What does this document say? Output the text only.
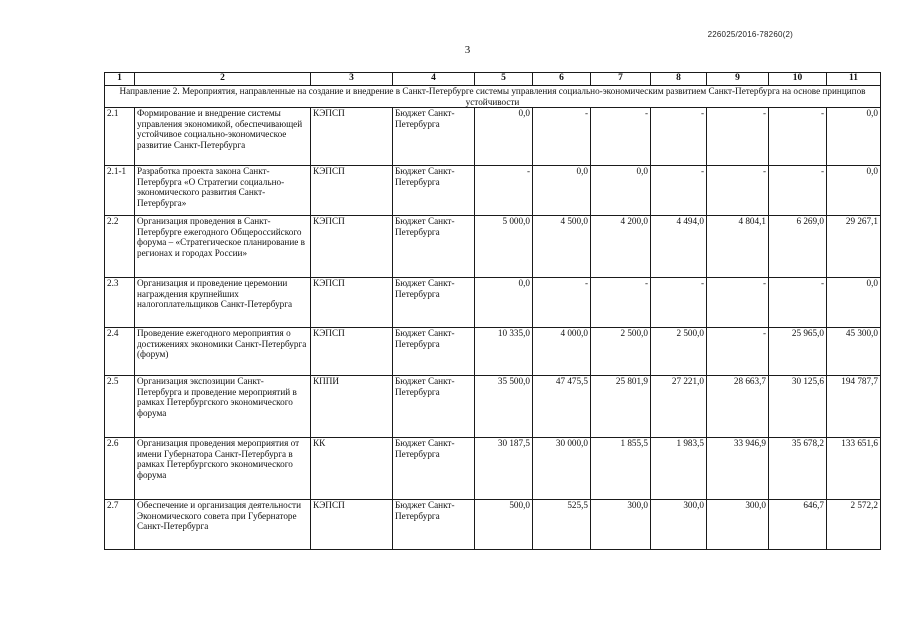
226025/2016-78260(2)
3
1	2	3	4	5	6	7	8	9	10	11
Направление 2. Мероприятия, направленные на создание и внедрение в Санкт-Петербурге системы управления социально-экономическим развитием Санкт-Петербурга на основе принципов устойчивости										
2.1	Формирование и внедрение системы управления экономикой, обеспечивающей устойчивое социально-экономическое развитие Санкт-Петербурга	КЭПСП	Бюджет Санкт-Петербурга	0,0	-	-	-	-	-	0,0
2.1-1	Разработка проекта закона Санкт-Петербурга «О Стратегии социально-экономического развития Санкт-Петербурга»	КЭПСП	Бюджет Санкт-Петербурга	-	0,0	0,0	-	-	-	0,0
2.2	Организация проведения в Санкт-Петербурге ежегодного Общероссийского форума – «Стратегическое планирование в регионах и городах России»	КЭПСП	Бюджет Санкт-Петербурга	5 000,0	4 500,0	4 200,0	4 494,0	4 804,1	6 269,0	29 267,1
2.3	Организация и проведение церемонии награждения крупнейших налогоплательщиков Санкт-Петербурга	КЭПСП	Бюджет Санкт-Петербурга	0,0	-	-	-	-	-	0,0
2.4	Проведение ежегодного мероприятия о достижениях экономики Санкт-Петербурга (форум)	КЭПСП	Бюджет Санкт-Петербурга	10 335,0	4 000,0	2 500,0	2 500,0	-	25 965,0	45 300,0
2.5	Организация экспозиции Санкт-Петербурга и проведение мероприятий в рамках Петербургского экономического форума	КППИ	Бюджет Санкт-Петербурга	35 500,0	47 475,5	25 801,9	27 221,0	28 663,7	30 125,6	194 787,7
2.6	Организация проведения мероприятия от имени Губернатора Санкт-Петербурга в рамках Петербургского экономического форума	КК	Бюджет Санкт-Петербурга	30 187,5	30 000,0	1 855,5	1 983,5	33 946,9	35 678,2	133 651,6
2.7	Обеспечение и организация деятельности Экономического совета при Губернаторе Санкт-Петербурга	КЭПСП	Бюджет Санкт-Петербурга	500,0	525,5	300,0	300,0	300,0	646,7	2 572,2
